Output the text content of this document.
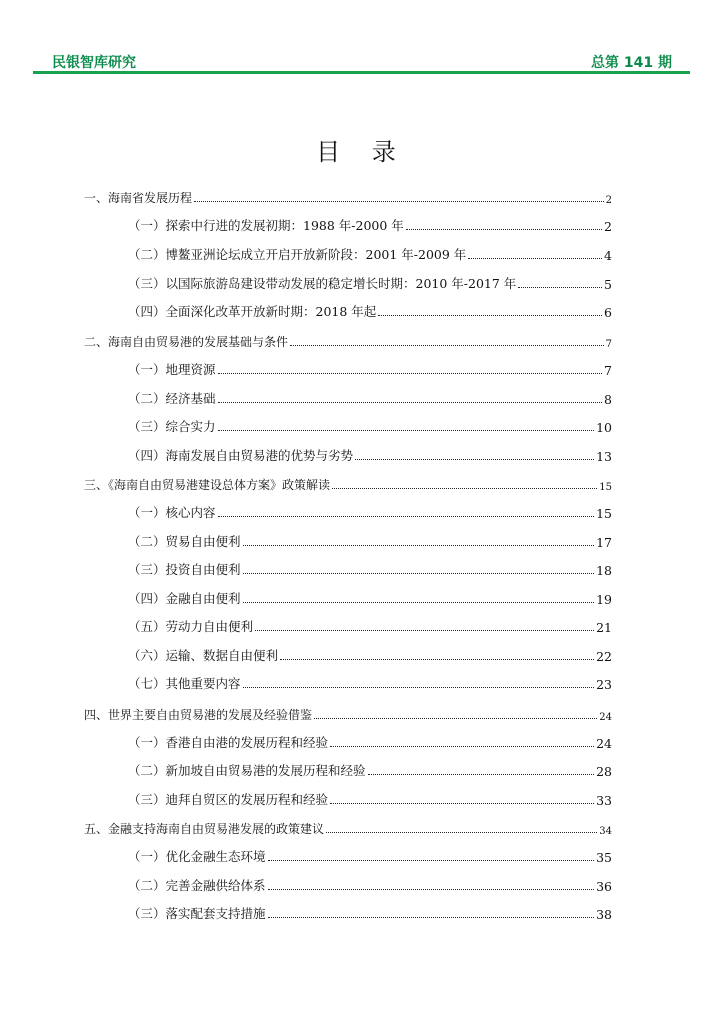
民银智库研究	总第 141 期
目 录
一、海南省发展历程	2
（一）探索中行进的发展初期：1988 年-2000 年	2
（二）博鳌亚洲论坛成立开启开放新阶段：2001 年-2009 年	4
（三）以国际旅游岛建设带动发展的稳定增长时期：2010 年-2017 年	5
（四）全面深化改革开放新时期：2018 年起	6
二、海南自由贸易港的发展基础与条件	7
（一）地理资源	7
（二）经济基础	8
（三）综合实力	10
（四）海南发展自由贸易港的优势与劣势	13
三、《海南自由贸易港建设总体方案》政策解读	15
（一）核心内容	15
（二）贸易自由便利	17
（三）投资自由便利	18
（四）金融自由便利	19
（五）劳动力自由便利	21
（六）运输、数据自由便利	22
（七）其他重要内容	23
四、世界主要自由贸易港的发展及经验借鉴	24
（一）香港自由港的发展历程和经验	24
（二）新加坡自由贸易港的发展历程和经验	28
（三）迪拜自贸区的发展历程和经验	33
五、金融支持海南自由贸易港发展的政策建议	34
（一）优化金融生态环境	35
（二）完善金融供给体系	36
（三）落实配套支持措施	38
